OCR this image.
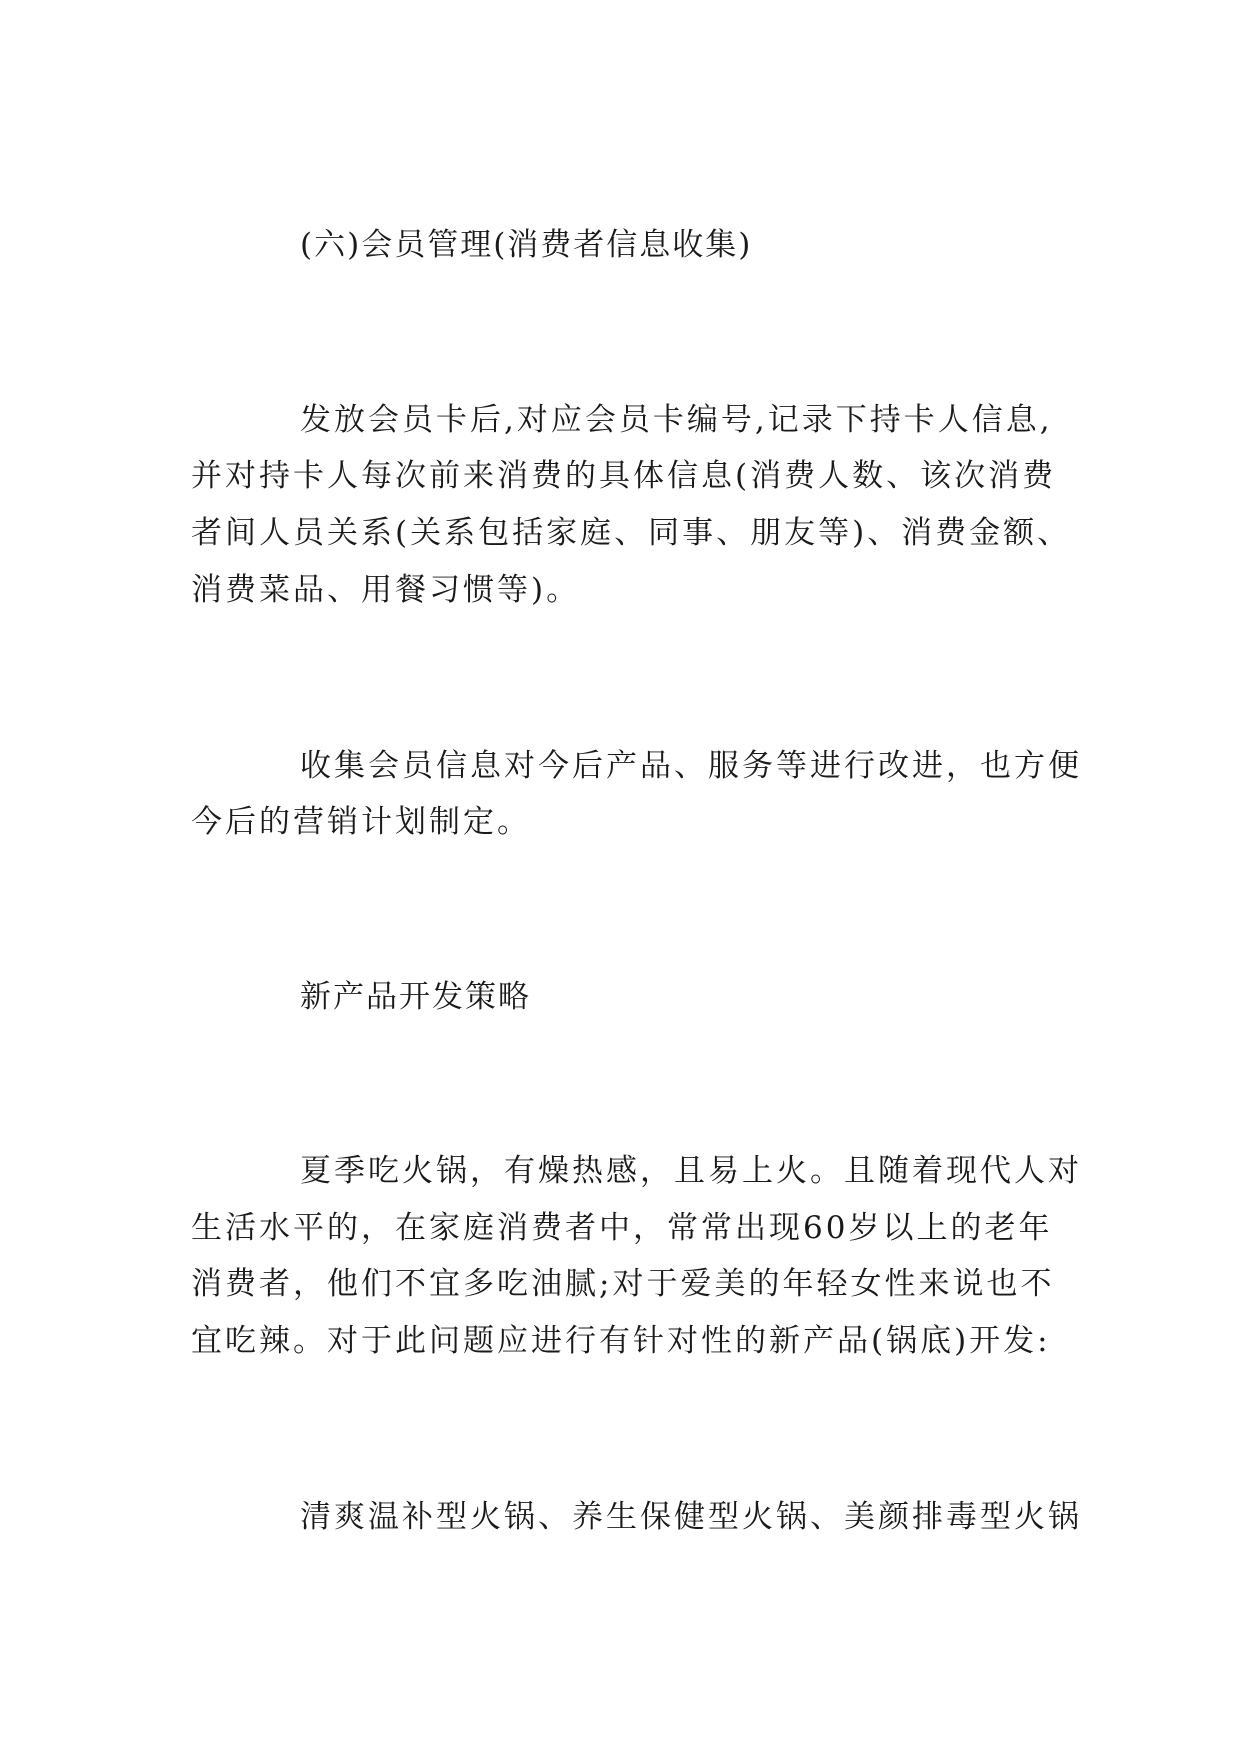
(六)会员管理(消费者信息收集)
发放会员卡后,对应会员卡编号,记录下持卡人信息,
并对持卡人每次前来消费的具体信息(消费人数、该次消费
者间人员关系(关系包括家庭、同事、朋友等)、消费金额、
消费菜品、用餐习惯等)。
收集会员信息对今后产品、服务等进行改进，也方便
今后的营销计划制定。
新产品开发策略
夏季吃火锅，有燥热感，且易上火。且随着现代人对
生活水平的，在家庭消费者中，常常出现60岁以上的老年
消费者，他们不宜多吃油腻;对于爱美的年轻女性来说也不
宜吃辣。对于此问题应进行有针对性的新产品(锅底)开发:
清爽温补型火锅、养生保健型火锅、美颜排毒型火锅
